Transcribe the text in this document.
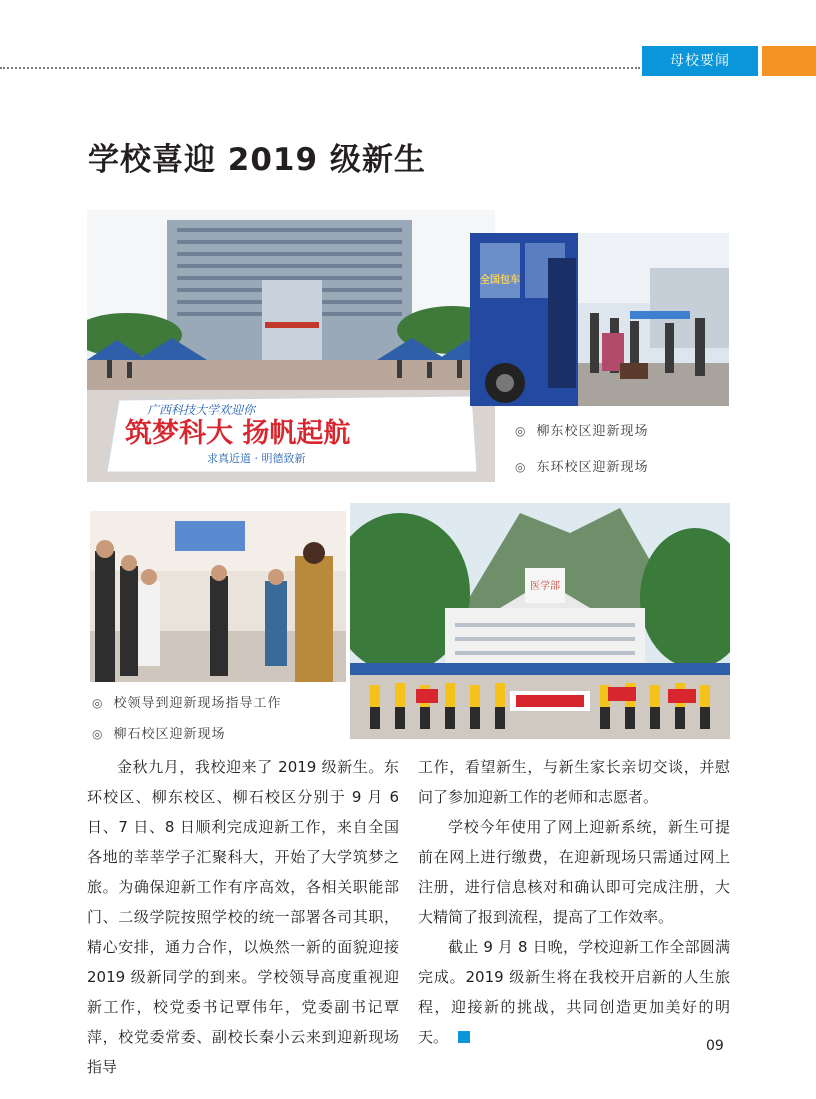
母校要闻
学校喜迎 2019 级新生
广西科技大学欢迎你
筑梦科大 扬帆起航
求真近道 · 明德致新
全国包车
◎ 柳东校区迎新现场
◎ 东环校区迎新现场
医学部
◎ 校领导到迎新现场指导工作
◎ 柳石校区迎新现场

金秋九月，我校迎来了 2019 级新生。东环校区、柳东校区、柳石校区分别于 9 月 6 日、7 日、8 日顺利完成迎新工作，来自全国各地的莘莘学子汇聚科大，开始了大学筑梦之旅。为确保迎新工作有序高效，各相关职能部门、二级学院按照学校的统一部署各司其职，精心安排，通力合作，以焕然一新的面貌迎接 2019 级新同学的到来。学校领导高度重视迎新工作，校党委书记覃伟年，党委副书记覃萍，校党委常委、副校长秦小云来到迎新现场指导

工作，看望新生，与新生家长亲切交谈，并慰问了参加迎新工作的老师和志愿者。

学校今年使用了网上迎新系统，新生可提前在网上进行缴费，在迎新现场只需通过网上注册，进行信息核对和确认即可完成注册，大大精简了报到流程，提高了工作效率。

截止 9 月 8 日晚，学校迎新工作全部圆满完成。2019 级新生将在我校开启新的人生旅程，迎接新的挑战，共同创造更加美好的明天。	09
